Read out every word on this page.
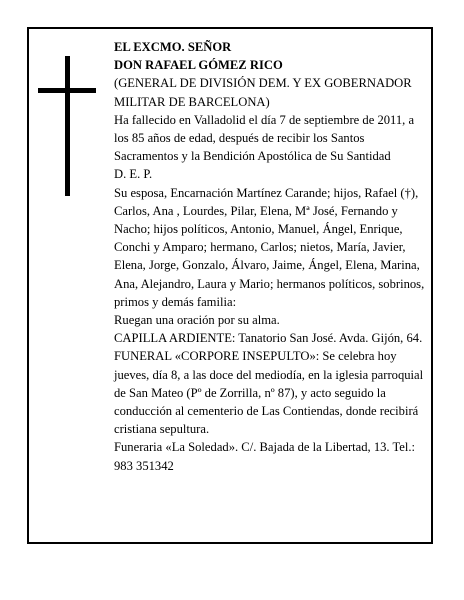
EL EXCMO. SEÑOR

DON RAFAEL GÓMEZ RICO

(GENERAL DE DIVISIÓN DEM. Y EX GOBERNADOR MILITAR DE BARCELONA)

Ha fallecido en Valladolid el día 7 de septiembre de 2011, a los 85 años de edad, después de recibir los Santos Sacramentos y la Bendición Apostólica de Su Santidad

D. E. P.

Su esposa, Encarnación Martínez Carande; hijos, Rafael (†), Carlos, Ana , Lourdes, Pilar, Elena, Mª José, Fernando y Nacho; hijos políticos, Antonio, Manuel, Ángel, Enrique, Conchi y Amparo; hermano, Carlos; nietos, María, Javier, Elena, Jorge, Gonzalo, Álvaro, Jaime, Ángel, Elena, Marina, Ana, Alejandro, Laura y Mario; hermanos políticos, sobrinos, primos y demás familia:

Ruegan una oración por su alma.

CAPILLA ARDIENTE: Tanatorio San José. Avda. Gijón, 64.

FUNERAL «CORPORE INSEPULTO»: Se celebra hoy jueves, día 8, a las doce del mediodía, en la iglesia parroquial de San Mateo (Pº de Zorrilla, nº 87), y acto seguido la conducción al cementerio de Las Contiendas, donde recibirá cristiana sepultura.

Funeraria «La Soledad». C/. Bajada de la Libertad, 13. Tel.: 983 351342
